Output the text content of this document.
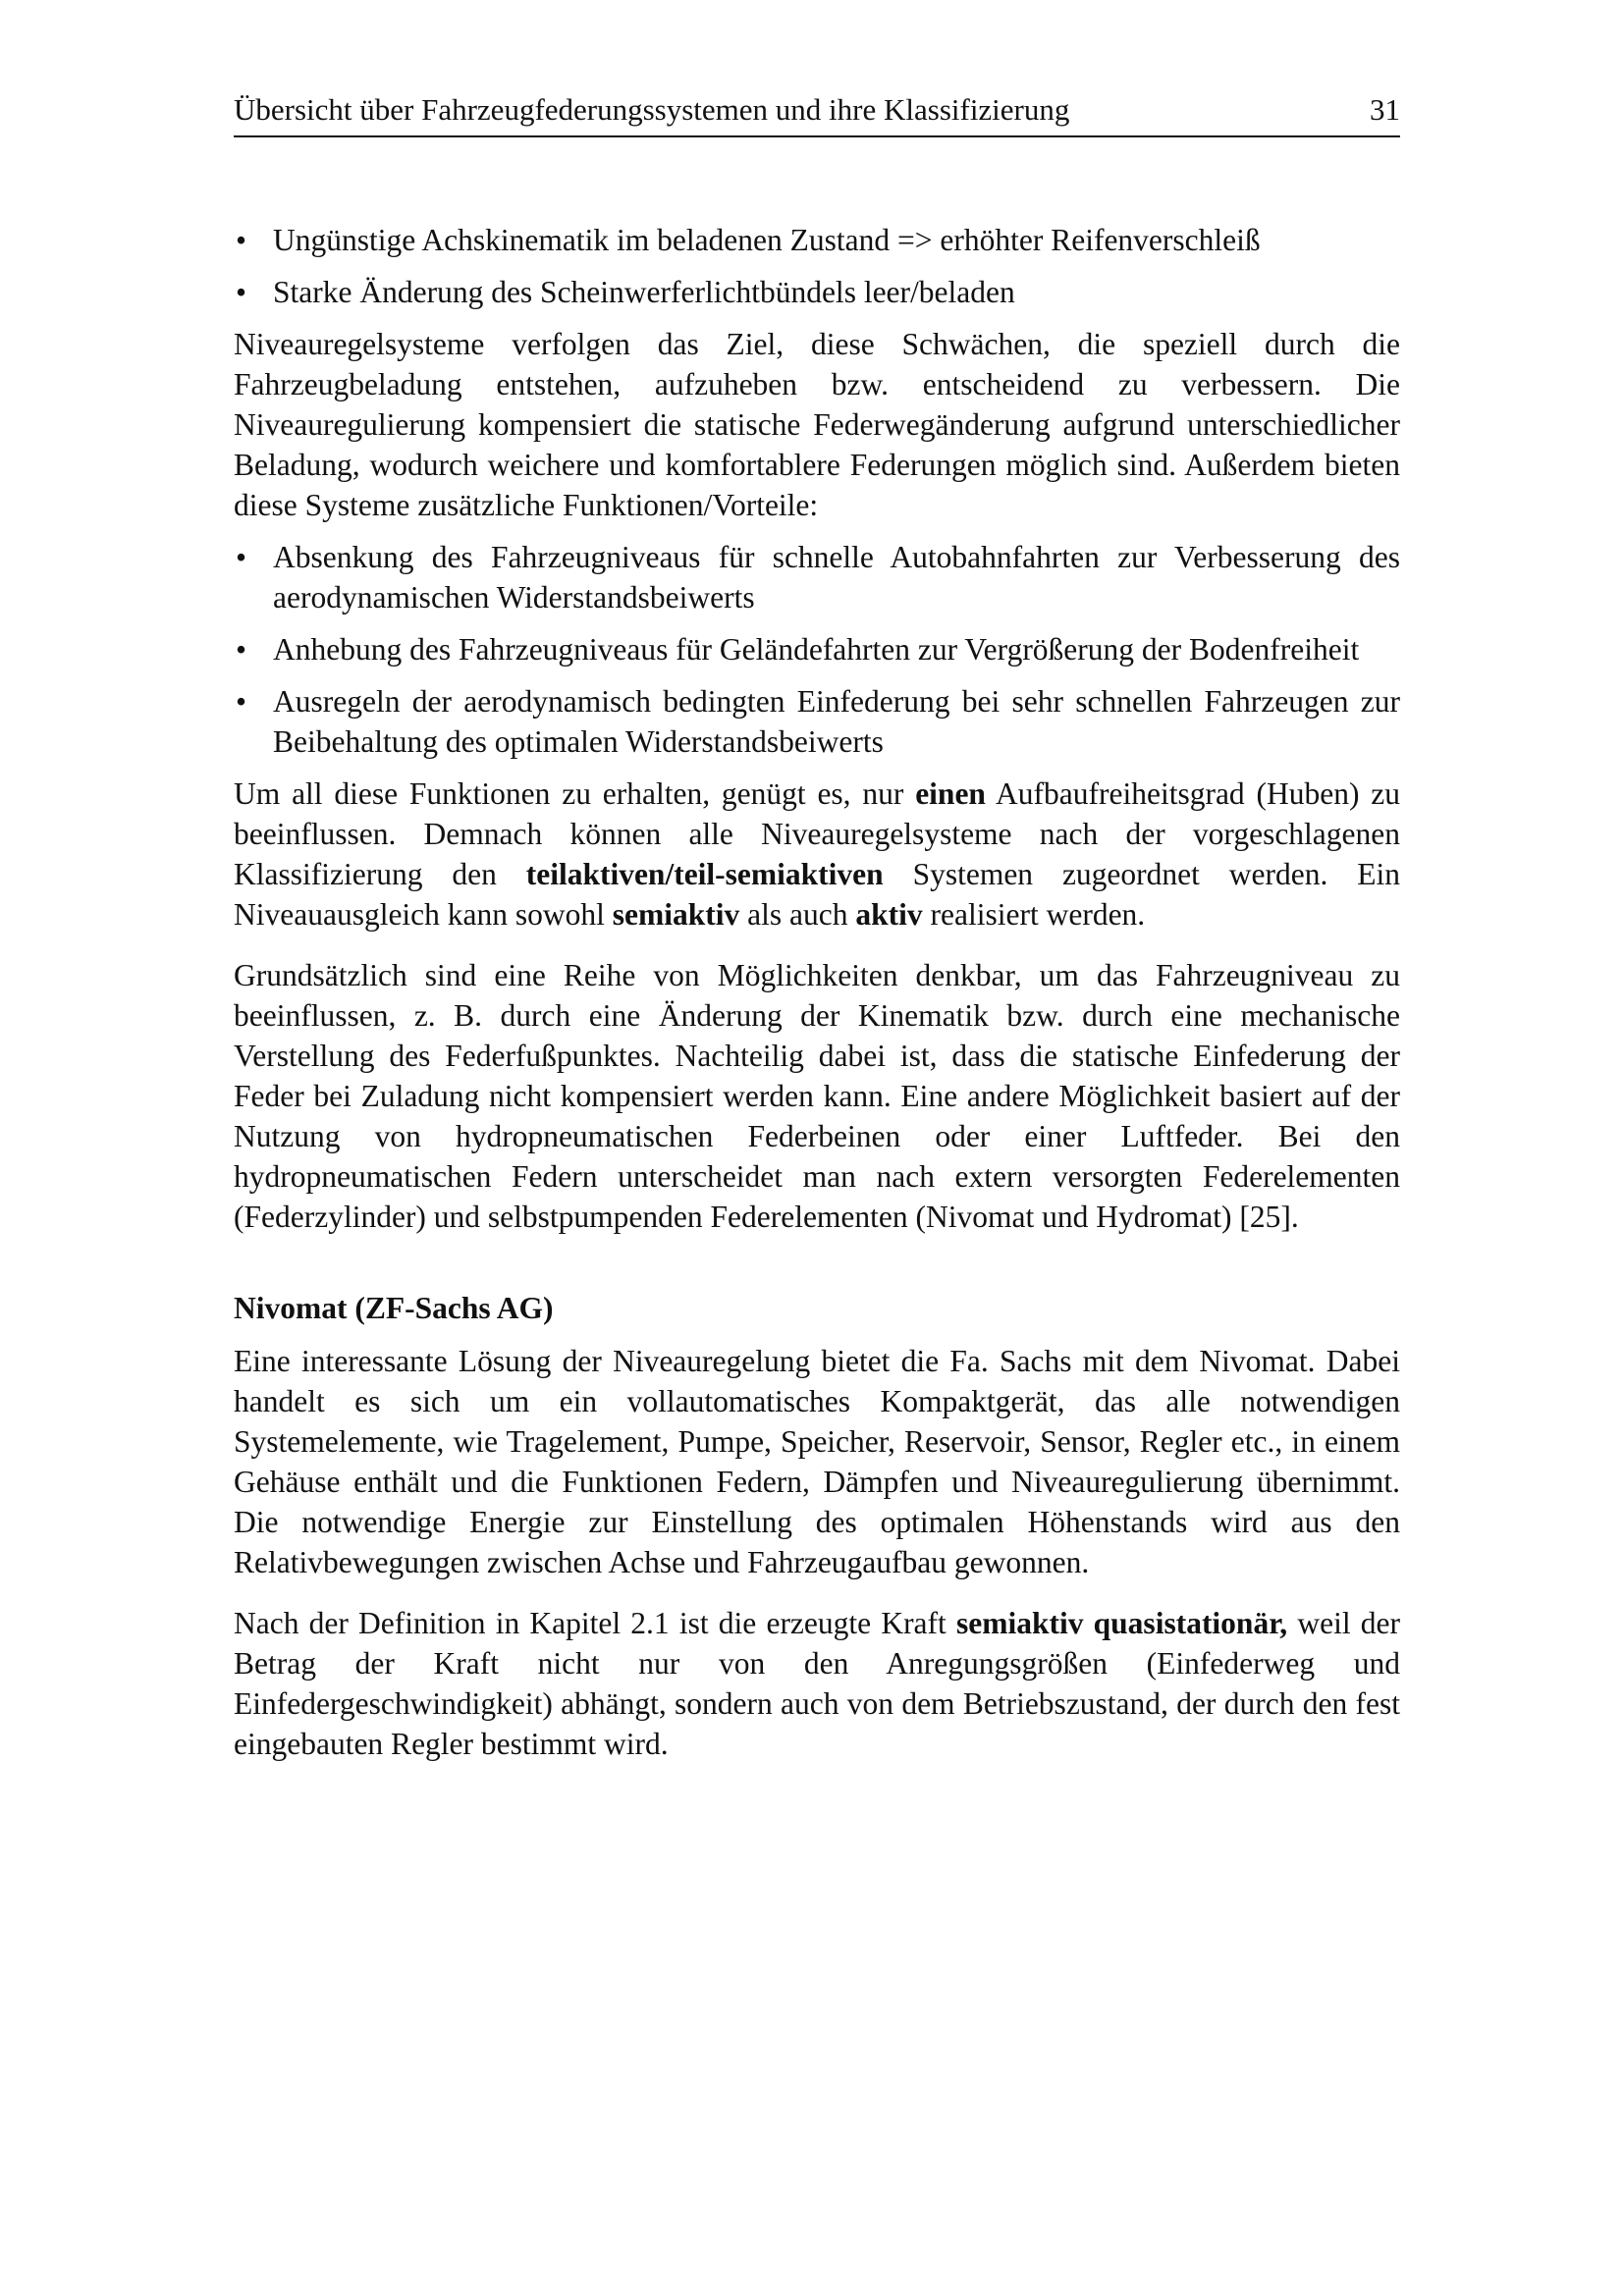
Übersicht über Fahrzeugfederungssystemen und ihre Klassifizierung	31
• Ungünstige Achskinematik im beladenen Zustand => erhöhter Reifenverschleiß
• Starke Änderung des Scheinwerferlichtbündels leer/beladen

Niveauregelsysteme verfolgen das Ziel, diese Schwächen, die speziell durch die Fahrzeugbeladung entstehen, aufzuheben bzw. entscheidend zu verbessern. Die Niveauregulierung kompensiert die statische Federwegänderung aufgrund unterschiedlicher Beladung, wodurch weichere und komfortablere Federungen möglich sind. Außerdem bieten diese Systeme zusätzliche Funktionen/Vorteile:

• Absenkung des Fahrzeugniveaus für schnelle Autobahnfahrten zur Verbesserung des aerodynamischen Widerstandsbeiwerts
• Anhebung des Fahrzeugniveaus für Geländefahrten zur Vergrößerung der Bodenfreiheit
• Ausregeln der aerodynamisch bedingten Einfederung bei sehr schnellen Fahrzeugen zur Beibehaltung des optimalen Widerstandsbeiwerts

Um all diese Funktionen zu erhalten, genügt es, nur einen Aufbaufreiheitsgrad (Huben) zu beeinflussen. Demnach können alle Niveauregelsysteme nach der vorgeschlagenen Klassifizierung den teilaktiven/teil-semiaktiven Systemen zugeordnet werden. Ein Niveauausgleich kann sowohl semiaktiv als auch aktiv realisiert werden.

Grundsätzlich sind eine Reihe von Möglichkeiten denkbar, um das Fahrzeugniveau zu beeinflussen, z. B. durch eine Änderung der Kinematik bzw. durch eine mechanische Verstellung des Federfußpunktes. Nachteilig dabei ist, dass die statische Einfederung der Feder bei Zuladung nicht kompensiert werden kann. Eine andere Möglichkeit basiert auf der Nutzung von hydropneumatischen Federbeinen oder einer Luftfeder. Bei den hydropneumatischen Federn unterscheidet man nach extern versorgten Federelementen (Federzylinder) und selbstpumpenden Federelementen (Nivomat und Hydromat) [25].

Nivomat (ZF-Sachs AG)

Eine interessante Lösung der Niveauregelung bietet die Fa. Sachs mit dem Nivomat. Dabei handelt es sich um ein vollautomatisches Kompaktgerät, das alle notwendigen Systemelemente, wie Tragelement, Pumpe, Speicher, Reservoir, Sensor, Regler etc., in einem Gehäuse enthält und die Funktionen Federn, Dämpfen und Niveauregulierung übernimmt. Die notwendige Energie zur Einstellung des optimalen Höhenstands wird aus den Relativbewegungen zwischen Achse und Fahrzeugaufbau gewonnen.

Nach der Definition in Kapitel 2.1 ist die erzeugte Kraft semiaktiv quasistationär, weil der Betrag der Kraft nicht nur von den Anregungsgrößen (Einfederweg und Einfedergeschwindigkeit) abhängt, sondern auch von dem Betriebszustand, der durch den fest eingebauten Regler bestimmt wird.
